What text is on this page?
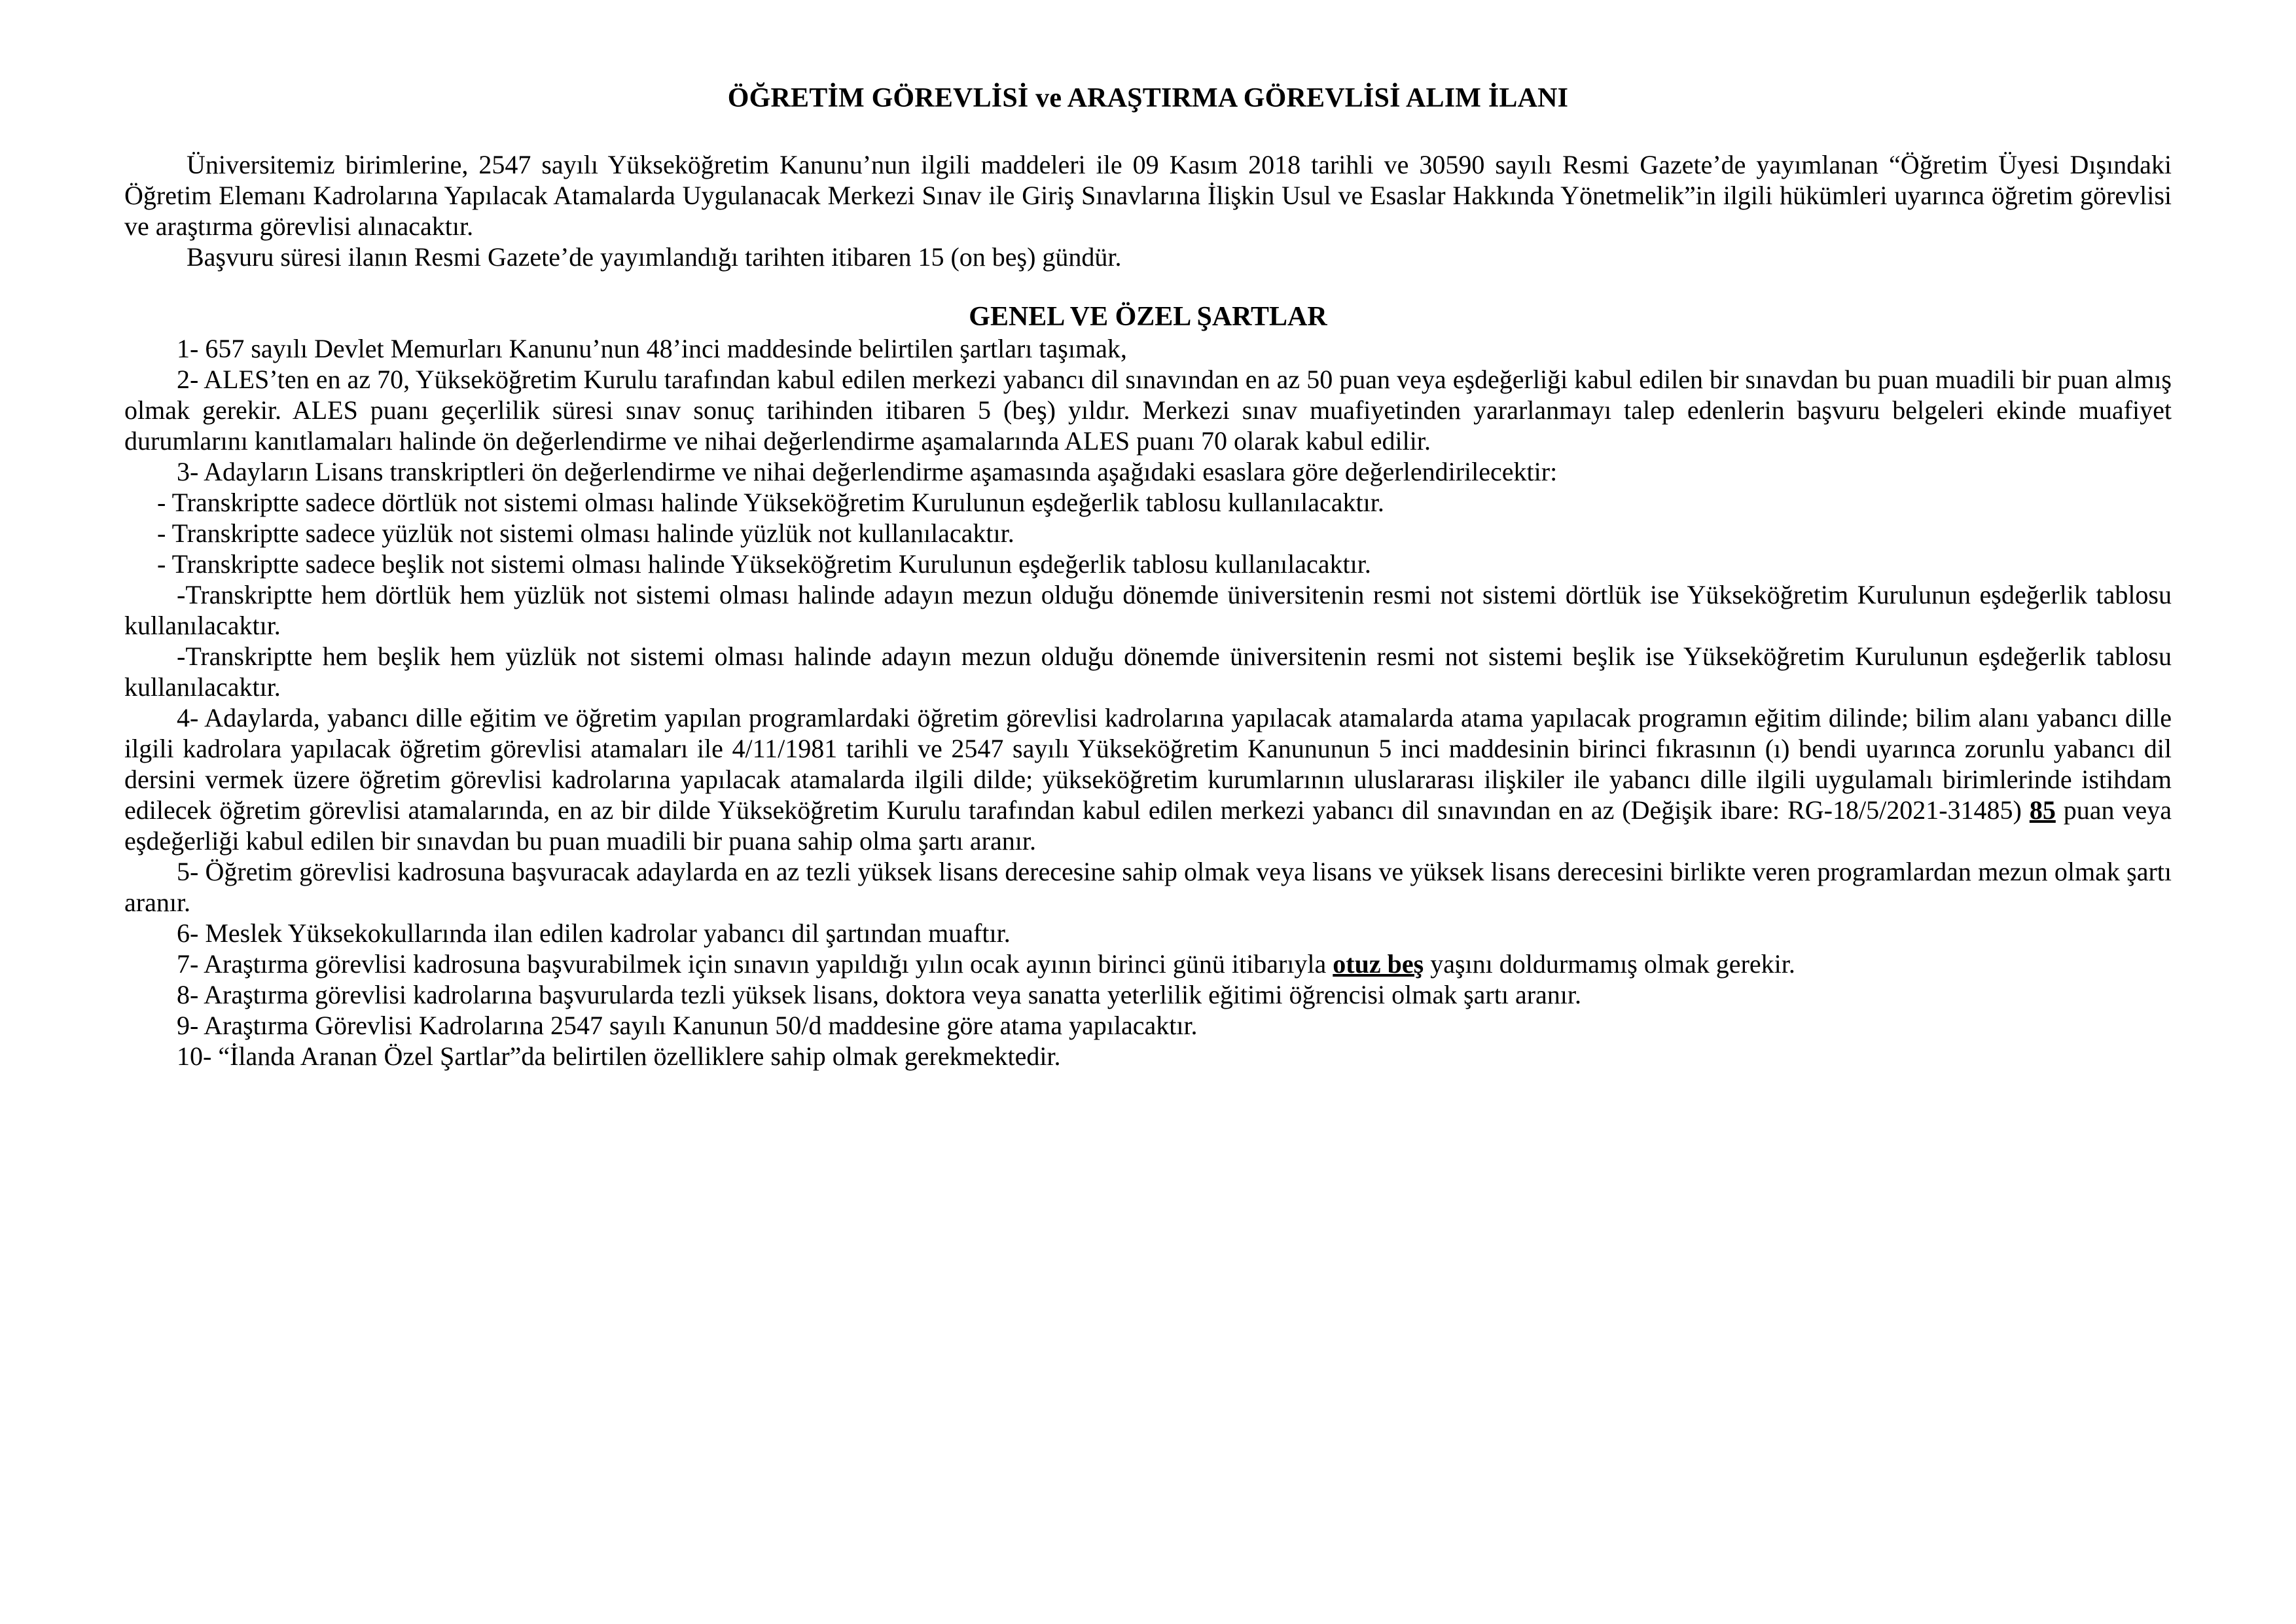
ÖĞRETİM GÖREVLİSİ ve ARAŞTIRMA GÖREVLİSİ ALIM İLANI

Üniversitemiz birimlerine, 2547 sayılı Yükseköğretim Kanunu’nun ilgili maddeleri ile 09 Kasım 2018 tarihli ve 30590 sayılı Resmi Gazete’de yayımlanan “Öğretim Üyesi Dışındaki Öğretim Elemanı Kadrolarına Yapılacak Atamalarda Uygulanacak Merkezi Sınav ile Giriş Sınavlarına İlişkin Usul ve Esaslar Hakkında Yönetmelik”in ilgili hükümleri uyarınca öğretim görevlisi ve araştırma görevlisi alınacaktır.

Başvuru süresi ilanın Resmi Gazete’de yayımlandığı tarihten itibaren 15 (on beş) gündür.

GENEL VE ÖZEL ŞARTLAR

1- 657 sayılı Devlet Memurları Kanunu’nun 48’inci maddesinde belirtilen şartları taşımak,

2- ALES’ten en az 70, Yükseköğretim Kurulu tarafından kabul edilen merkezi yabancı dil sınavından en az 50 puan veya eşdeğerliği kabul edilen bir sınavdan bu puan muadili bir puan almış olmak gerekir. ALES puanı geçerlilik süresi sınav sonuç tarihinden itibaren 5 (beş) yıldır. Merkezi sınav muafiyetinden yararlanmayı talep edenlerin başvuru belgeleri ekinde muafiyet durumlarını kanıtlamaları halinde ön değerlendirme ve nihai değerlendirme aşamalarında ALES puanı 70 olarak kabul edilir.

3- Adayların Lisans transkriptleri ön değerlendirme ve nihai değerlendirme aşamasında aşağıdaki esaslara göre değerlendirilecektir:

- Transkriptte sadece dörtlük not sistemi olması halinde Yükseköğretim Kurulunun eşdeğerlik tablosu kullanılacaktır.

- Transkriptte sadece yüzlük not sistemi olması halinde yüzlük not kullanılacaktır.

- Transkriptte sadece beşlik not sistemi olması halinde Yükseköğretim Kurulunun eşdeğerlik tablosu kullanılacaktır.

-Transkriptte hem dörtlük hem yüzlük not sistemi olması halinde adayın mezun olduğu dönemde üniversitenin resmi not sistemi dörtlük ise Yükseköğretim Kurulunun eşdeğerlik tablosu kullanılacaktır.

-Transkriptte hem beşlik hem yüzlük not sistemi olması halinde adayın mezun olduğu dönemde üniversitenin resmi not sistemi beşlik ise Yükseköğretim Kurulunun eşdeğerlik tablosu kullanılacaktır.

4- Adaylarda, yabancı dille eğitim ve öğretim yapılan programlardaki öğretim görevlisi kadrolarına yapılacak atamalarda atama yapılacak programın eğitim dilinde; bilim alanı yabancı dille ilgili kadrolara yapılacak öğretim görevlisi atamaları ile 4/11/1981 tarihli ve 2547 sayılı Yükseköğretim Kanununun 5 inci maddesinin birinci fıkrasının (ı) bendi uyarınca zorunlu yabancı dil dersini vermek üzere öğretim görevlisi kadrolarına yapılacak atamalarda ilgili dilde; yükseköğretim kurumlarının uluslararası ilişkiler ile yabancı dille ilgili uygulamalı birimlerinde istihdam edilecek öğretim görevlisi atamalarında, en az bir dilde Yükseköğretim Kurulu tarafından kabul edilen merkezi yabancı dil sınavından en az (Değişik ibare: RG-18/5/2021-31485) 85 puan veya eşdeğerliği kabul edilen bir sınavdan bu puan muadili bir puana sahip olma şartı aranır.

5- Öğretim görevlisi kadrosuna başvuracak adaylarda en az tezli yüksek lisans derecesine sahip olmak veya lisans ve yüksek lisans derecesini birlikte veren programlardan mezun olmak şartı aranır.

6- Meslek Yüksekokullarında ilan edilen kadrolar yabancı dil şartından muaftır.

7- Araştırma görevlisi kadrosuna başvurabilmek için sınavın yapıldığı yılın ocak ayının birinci günü itibarıyla otuz beş yaşını doldurmamış olmak gerekir.

8- Araştırma görevlisi kadrolarına başvurularda tezli yüksek lisans, doktora veya sanatta yeterlilik eğitimi öğrencisi olmak şartı aranır.

9- Araştırma Görevlisi Kadrolarına 2547 sayılı Kanunun 50/d maddesine göre atama yapılacaktır.

10- “İlanda Aranan Özel Şartlar”da belirtilen özelliklere sahip olmak gerekmektedir.
